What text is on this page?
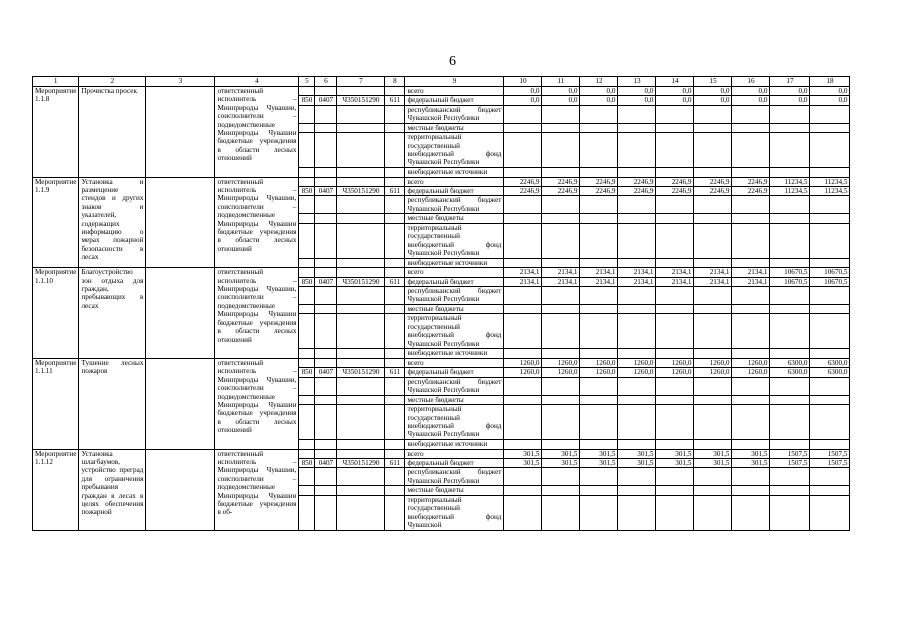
6
1	2	3	4	5	6	7	8	9	10	11	12	13	14	15	16	17	18
Мероприятие 1.1.8	Прочистка просек		ответственный исполнитель – Минприроды Чувашии, соисполнители – подведомственные Минприроды Чувашии бюджетные учреждения в области лесных отношений					всего	0,0	0,0	0,0	0,0	0,0	0,0	0,0	0,0	0,0
				850	0407	Ч350151290	611	федеральный бюджет	0,0	0,0	0,0	0,0	0,0	0,0	0,0	0,0	0,0
								республиканский бюджет Чувашской Республики									
								местные бюджеты									
								территориальный государственный внебюджетный фонд Чувашской Республики									
								внебюджетные источники									
Мероприятие 1.1.9	Установка и размещение стендов и других знаков и указателей, содержащих информацию о мерах пожарной безопасности в лесах		ответственный исполнитель – Минприроды Чувашии, соисполнители – подведомственные Минприроды Чувашии бюджетные учреждения в области лесных отношений					всего	2246,9	2246,9	2246,9	2246,9	2246,9	2246,9	2246,9	11234,5	11234,5
				850	0407	Ч350151290	611	федеральный бюджет	2246,9	2246,9	2246,9	2246,9	2246,9	2246,9	2246,9	11234,5	11234,5
								республиканский бюджет Чувашской Республики									
								местные бюджеты									
								территориальный государственный внебюджетный фонд Чувашской Республики									
								внебюджетные источники									
Мероприятие 1.1.10	Благоустройство зон отдыха для граждан, пребывающих в лесах		ответственный исполнитель – Минприроды Чувашии, соисполнители – подведомственные Минприроды Чувашии бюджетные учреждения в области лесных отношений					всего	2134,1	2134,1	2134,1	2134,1	2134,1	2134,1	2134,1	10670,5	10670,5
				850	0407	Ч350151290	611	федеральный бюджет	2134,1	2134,1	2134,1	2134,1	2134,1	2134,1	2134,1	10670,5	10670,5
								республиканский бюджет Чувашской Республики									
								местные бюджеты									
								территориальный государственный внебюджетный фонд Чувашской Республики									
								внебюджетные источники									
Мероприятие 1.1.11	Тушение лесных пожаров		ответственный исполнитель – Минприроды Чувашии, соисполнители – подведомственные Минприроды Чувашии бюджетные учреждения в области лесных отношений					всего	1260,0	1260,0	1260,0	1260,0	1260,0	1260,0	1260,0	6300,0	6300,0
				850	0407	Ч350151290	611	федеральный бюджет	1260,0	1260,0	1260,0	1260,0	1260,0	1260,0	1260,0	6300,0	6300,0
								республиканский бюджет Чувашской Республики									
								местные бюджеты									
								территориальный государственный внебюджетный фонд Чувашской Республики									
								внебюджетные источники									
Мероприятие 1.1.12	Установка шлагбаумов, устройство преград для ограничения пребывания граждан в лесах в целях обеспечения пожарной		ответственный исполнитель – Минприроды Чувашии, соисполнители – подведомственные Минприроды Чувашии бюджетные учреждения в об-					всего	301,5	301,5	301,5	301,5	301,5	301,5	301,5	1507,5	1507,5
				850	0407	Ч350151290	611	федеральный бюджет	301,5	301,5	301,5	301,5	301,5	301,5	301,5	1507,5	1507,5
								республиканский бюджет Чувашской Республики									
								местные бюджеты									
								территориальный государственный внебюджетный фонд Чувашской									
